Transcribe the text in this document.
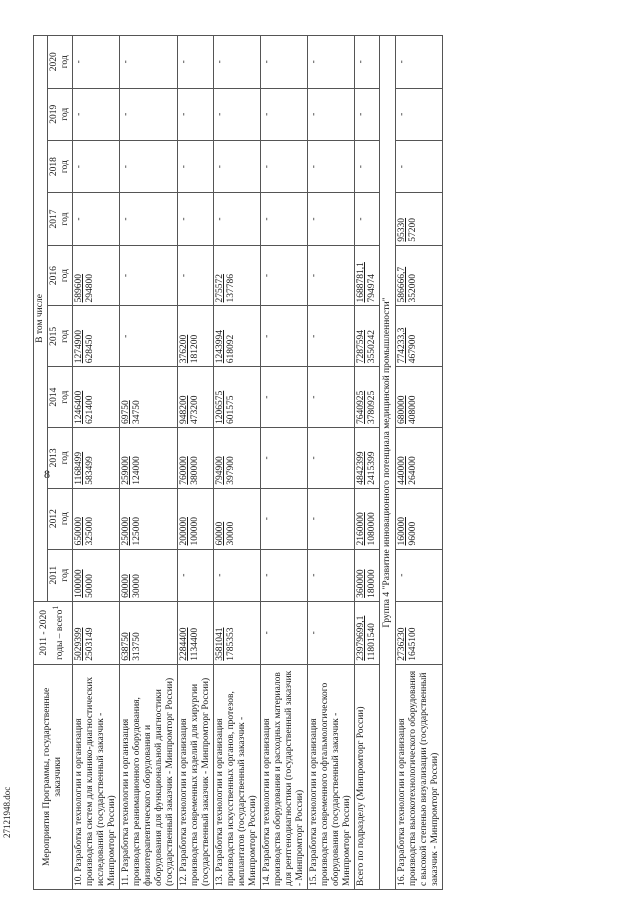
8
27121948.doc	Мероприятия Программы, государственные заказчики	2011 - 2020 годы – всего$^1$	В том числе									

		2011 год	2012 год	2013 год	2014 год	2015 год	2016 год	2017 год	2018 год	2019 год	2020 год

10. Разработка технологии и организация производства систем для клинико-диагностических исследований (государственный заказчик - Минпромторг России)	5029399 2503149	100000 50000	650000 325000	1168499 583499	1246400 621400	1274900 628450	589600 294800	-	-	-	-

11. Разработка технологии и организация производства реанимационного оборудования, физиотерапевтического оборудования и оборудования для функциональной диагностики (государственный заказчик - Минпромторг России)	638750 313750	60000 30000	250000 125000	259000 124000	69750 34750	-	-	-	-	-	-

12. Разработка технологии и организация производства современных изделий для хирургии (государственный заказчик - Минпромторг России)	2284400 1134400	-	200000 100000	760000 380000	948200 473200	376200 181200	-	-	-	-	-

13. Разработка технологии и организация производства искусственных органов, протезов, имплантатов (государственный заказчик - Минпромторг России)	3581041 1785353	-	60000 30000	794900 397900	1206575 601575	1243994 618092	275572 137786	-	-	-	-

14. Разработка технологии и организация производства оборудования и расходных материалов для рентгенодиагностики (государственный заказчик - Минпромторг России)	-	-	-	-	-	-	-	-	-	-	-

15. Разработка технологии и организация производства современного офтальмологического оборудования (государственный заказчик - Минпромторг России)	-	-	-	-	-	-	-	-	-	-	-

Всего по подразделу (Минпромторг России)	23979699,1 11801540	360000 180000	2160000 1080000	4842399 2415399	7640925 3780925	7287594 3550242	1688781,1 794974	-	-	-	-

Группа 4 "Развитие инновационного потенциала медицинской промышленности"											
16. Разработка технологии и организация производства высокотехнологического оборудования с высокой степенью визуализации (государственный заказчик - Минпромторг России)	2736230 1645100	-	160000 96000	440000 264000	680000 408000	774233,3 467900	586666,7 352000	95330 57200	-	-	-
